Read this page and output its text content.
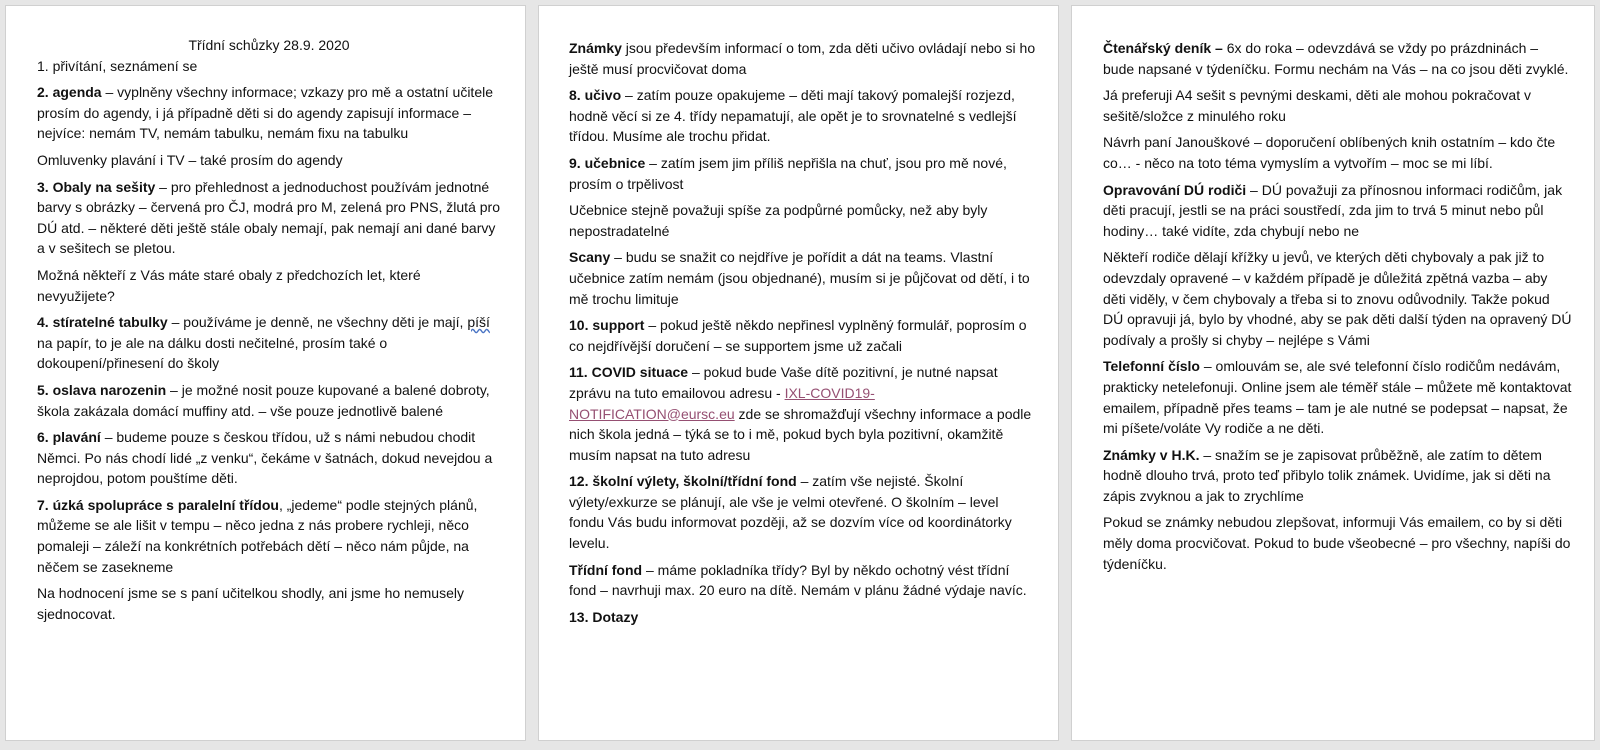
Třídní schůzky 28.9. 2020

1. přivítání, seznámení se

2. agenda – vyplněny všechny informace; vzkazy pro mě a ostatní učitele prosím do agendy, i já případně děti si do agendy zapisují informace – nejvíce: nemám TV, nemám tabulku, nemám fixu na tabulku

Omluvenky plavání i TV – také prosím do agendy

3. Obaly na sešity – pro přehlednost a jednoduchost používám jednotné barvy s obrázky – červená pro ČJ, modrá pro M, zelená pro PNS, žlutá pro DÚ atd. – některé děti ještě stále obaly nemají, pak nemají ani dané barvy a v sešitech se pletou.

Možná někteří z Vás máte staré obaly z předchozích let, které nevyužijete?

4. stíratelné tabulky – používáme je denně, ne všechny děti je mají, píší na papír, to je ale na dálku dosti nečitelné, prosím také o dokoupení/přinesení do školy

5. oslava narozenin – je možné nosit pouze kupované a balené dobroty, škola zakázala domácí muffiny atd. – vše pouze jednotlivě balené

6. plavání – budeme pouze s českou třídou, už s námi nebudou chodit Němci. Po nás chodí lidé „z venku“, čekáme v šatnách, dokud nevejdou a neprojdou, potom pouštíme děti.

7. úzká spolupráce s paralelní třídou, „jedeme“ podle stejných plánů, můžeme se ale lišit v tempu – něco jedna z nás probere rychleji, něco pomaleji – záleží na konkrétních potřebách dětí – něco nám půjde, na něčem se zasekneme

Na hodnocení jsme se s paní učitelkou shodly, ani jsme ho nemusely sjednocovat.

Známky jsou především informací o tom, zda děti učivo ovládají nebo si ho ještě musí procvičovat doma

8. učivo – zatím pouze opakujeme – děti mají takový pomalejší rozjezd, hodně věcí si ze 4. třídy nepamatují, ale opět je to srovnatelné s vedlejší třídou. Musíme ale trochu přidat.

9. učebnice – zatím jsem jim příliš nepřišla na chuť, jsou pro mě nové, prosím o trpělivost

Učebnice stejně považuji spíše za podpůrné pomůcky, než aby byly nepostradatelné

Scany – budu se snažit co nejdříve je pořídit a dát na teams. Vlastní učebnice zatím nemám (jsou objednané), musím si je půjčovat od dětí, i to mě trochu limituje

10. support – pokud ještě někdo nepřinesl vyplněný formulář, poprosím o co nejdřívější doručení – se supportem jsme už začali

11. COVID situace – pokud bude Vaše dítě pozitivní, je nutné napsat zprávu na tuto emailovou adresu - IXL-COVID19-NOTIFICATION@eursc.eu zde se shromažďují všechny informace a podle nich škola jedná – týká se to i mě, pokud bych byla pozitivní, okamžitě musím napsat na tuto adresu

12. školní výlety, školní/třídní fond – zatím vše nejisté. Školní výlety/exkurze se plánují, ale vše je velmi otevřené. O školním – level fondu Vás budu informovat později, až se dozvím více od koordinátorky levelu.

Třídní fond – máme pokladníka třídy? Byl by někdo ochotný vést třídní fond – navrhuji max. 20 euro na dítě. Nemám v plánu žádné výdaje navíc.

13. Dotazy

Čtenářský deník – 6x do roka – odevzdává se vždy po prázdninách – bude napsané v týdeníčku. Formu nechám na Vás – na co jsou děti zvyklé.

Já preferuji A4 sešit s pevnými deskami, děti ale mohou pokračovat v sešitě/složce z minulého roku

Návrh paní Janouškové – doporučení oblíbených knih ostatním – kdo čte co… - něco na toto téma vymyslím a vytvořím – moc se mi líbí.

Opravování DÚ rodiči – DÚ považuji za přínosnou informaci rodičům, jak děti pracují, jestli se na práci soustředí, zda jim to trvá 5 minut nebo půl hodiny… také vidíte, zda chybují nebo ne

Někteří rodiče dělají křížky u jevů, ve kterých děti chybovaly a pak již to odevzdaly opravené – v každém případě je důležitá zpětná vazba – aby děti viděly, v čem chybovaly a třeba si to znovu odůvodnily. Takže pokud DÚ opravuji já, bylo by vhodné, aby se pak děti další týden na opravený DÚ podívaly a prošly si chyby – nejlépe s Vámi

Telefonní číslo – omlouvám se, ale své telefonní číslo rodičům nedávám, prakticky netelefonuji. Online jsem ale téměř stále – můžete mě kontaktovat emailem, případně přes teams – tam je ale nutné se podepsat – napsat, že mi píšete/voláte Vy rodiče a ne děti.

Známky v H.K. – snažím se je zapisovat průběžně, ale zatím to dětem hodně dlouho trvá, proto teď přibylo tolik známek. Uvidíme, jak si děti na zápis zvyknou a jak to zrychlíme

Pokud se známky nebudou zlepšovat, informuji Vás emailem, co by si děti měly doma procvičovat. Pokud to bude všeobecné – pro všechny, napíši do týdeníčku.
